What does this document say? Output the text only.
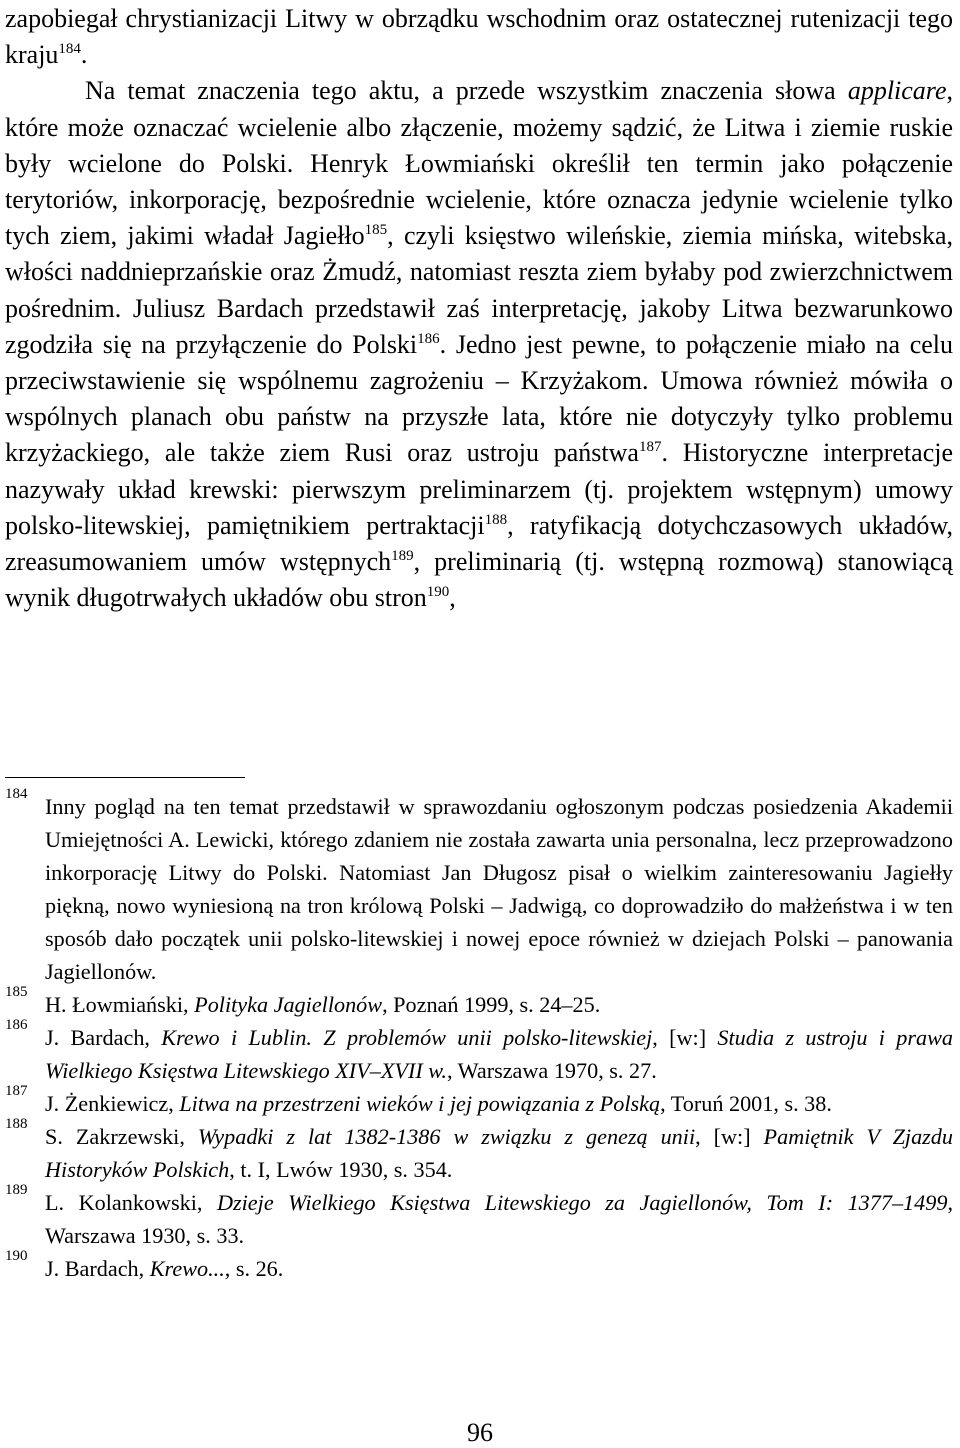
zapobiegał chrystianizacji Litwy w obrządku wschodnim oraz ostatecznej rutenizacji tego kraju$^{184}$.
Na temat znaczenia tego aktu, a przede wszystkim znaczenia słowa applicare, które może oznaczać wcielenie albo złączenie, możemy sądzić, że Litwa i ziemie ruskie były wcielone do Polski. Henryk Łowmiański określił ten termin jako połączenie terytoriów, inkorporację, bezpośrednie wcielenie, które oznacza jedynie wcielenie tylko tych ziem, jakimi władał Jagiełło$^{185}$, czyli księstwo wileńskie, ziemia mińska, witebska, włości naddnieprzańskie oraz Żmudź, natomiast reszta ziem byłaby pod zwierzchnictwem pośrednim. Juliusz Bardach przedstawił zaś interpretację, jakoby Litwa bezwarunkowo zgodziła się na przyłączenie do Polski$^{186}$. Jedno jest pewne, to połączenie miało na celu przeciwstawienie się wspólnemu zagrożeniu – Krzyżakom. Umowa również mówiła o wspólnych planach obu państw na przyszłe lata, które nie dotyczyły tylko problemu krzyżackiego, ale także ziem Rusi oraz ustroju państwa$^{187}$. Historyczne interpretacje nazywały układ krewski: pierwszym preliminarzem (tj. projektem wstępnym) umowy polsko-litewskiej, pamiętnikiem pertraktacji$^{188}$, ratyfikacją dotychczasowych układów, zreasumowaniem umów wstępnych$^{189}$, preliminarią (tj. wstępną rozmową) stanowiącą wynik długotrwałych układów obu stron$^{190}$,

184 Inny pogląd na ten temat przedstawił w sprawozdaniu ogłoszonym podczas posiedzenia Akademii Umiejętności A. Lewicki, którego zdaniem nie została zawarta unia personalna, lecz przeprowadzono inkorporację Litwy do Polski. Natomiast Jan Długosz pisał o wielkim zainteresowaniu Jagiełły piękną, nowo wyniesioną na tron królową Polski – Jadwigą, co doprowadziło do małżeństwa i w ten sposób dało początek unii polsko-litewskiej i nowej epoce również w dziejach Polski – panowania Jagiellonów.

185 H. Łowmiański, Polityka Jagiellonów, Poznań 1999, s. 24–25.

186 J. Bardach, Krewo i Lublin. Z problemów unii polsko-litewskiej, [w:] Studia z ustroju i prawa Wielkiego Księstwa Litewskiego XIV–XVII w., Warszawa 1970, s. 27.

187 J. Żenkiewicz, Litwa na przestrzeni wieków i jej powiązania z Polską, Toruń 2001, s. 38.

188 S. Zakrzewski, Wypadki z lat 1382-1386 w związku z genezą unii, [w:] Pamiętnik V Zjazdu Historyków Polskich, t. I, Lwów 1930, s. 354.

189 L. Kolankowski, Dzieje Wielkiego Księstwa Litewskiego za Jagiellonów, Tom I: 1377–1499, Warszawa 1930, s. 33.

190 J. Bardach, Krewo..., s. 26.

96
